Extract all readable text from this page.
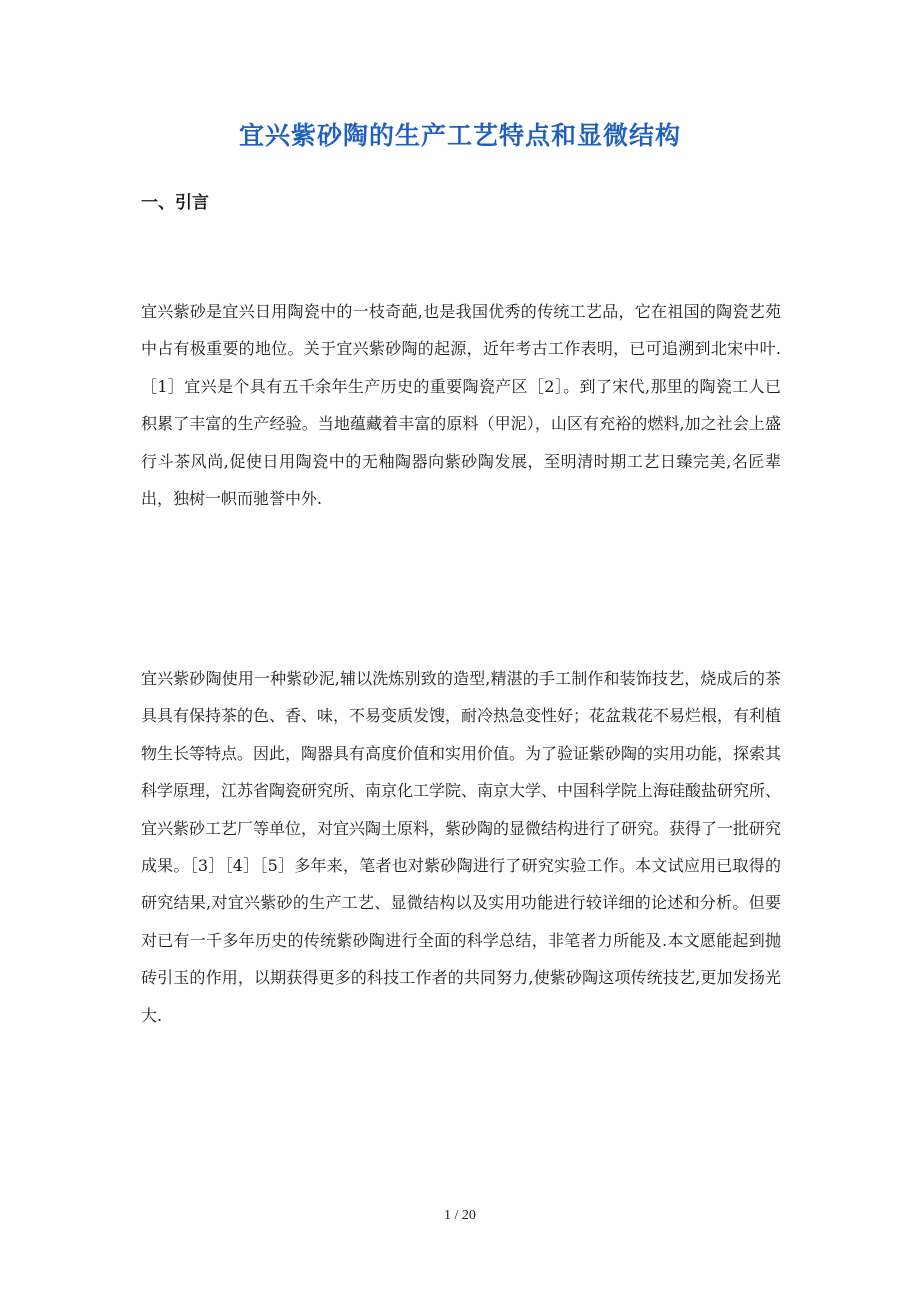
宜兴紫砂陶的生产工艺特点和显微结构
一、引言

宜兴紫砂是宜兴日用陶瓷中的一枝奇葩,也是我国优秀的传统工艺品，它在祖国的陶瓷艺苑中占有极重要的地位。关于宜兴紫砂陶的起源，近年考古工作表明，已可追溯到北宋中叶.［1］宜兴是个具有五千余年生产历史的重要陶瓷产区［2］。到了宋代,那里的陶瓷工人已积累了丰富的生产经验。当地蕴藏着丰富的原料（甲泥），山区有充裕的燃料,加之社会上盛行斗茶风尚,促使日用陶瓷中的无釉陶器向紫砂陶发展，至明清时期工艺日臻完美,名匠辈出，独树一帜而驰誉中外.

宜兴紫砂陶使用一种紫砂泥,辅以洗炼别致的造型,精湛的手工制作和装饰技艺，烧成后的茶具具有保持茶的色、香、味，不易变质发馊，耐冷热急变性好；花盆栽花不易烂根，有利植物生长等特点。因此，陶器具有高度价值和实用价值。为了验证紫砂陶的实用功能，探索其科学原理，江苏省陶瓷研究所、南京化工学院、南京大学、中国科学院上海硅酸盐研究所、宜兴紫砂工艺厂等单位，对宜兴陶土原料，紫砂陶的显微结构进行了研究。获得了一批研究成果。［3］［4］［5］多年来，笔者也对紫砂陶进行了研究实验工作。本文试应用已取得的研究结果,对宜兴紫砂的生产工艺、显微结构以及实用功能进行较详细的论述和分析。但要对已有一千多年历史的传统紫砂陶进行全面的科学总结，非笔者力所能及.本文愿能起到抛砖引玉的作用，以期获得更多的科技工作者的共同努力,使紫砂陶这项传统技艺,更加发扬光大.

1 / 20
